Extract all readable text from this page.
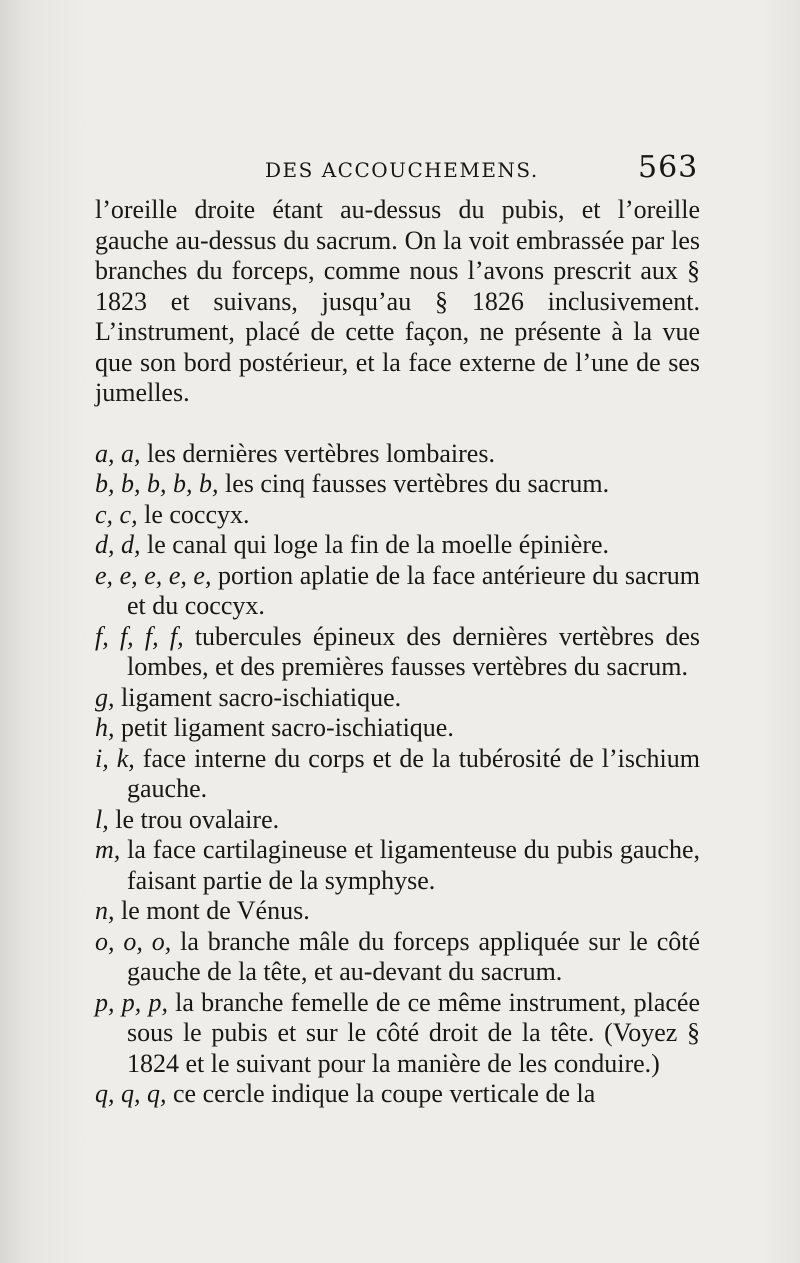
DES ACCOUCHEMENS.	563

l’oreille droite étant au-dessus du pubis, et l’oreille gauche au-dessus du sacrum. On la voit embrassée par les branches du forceps, comme nous l’avons prescrit aux § 1823 et suivans, jusqu’au § 1826 inclusivement. L’instrument, placé de cette façon, ne présente à la vue que son bord postérieur, et la face externe de l’une de ses jumelles.

a, a, les dernières vertèbres lombaires.
b, b, b, b, b, les cinq fausses vertèbres du sacrum.
c, c, le coccyx.
d, d, le canal qui loge la fin de la moelle épinière.
e, e, e, e, e, portion aplatie de la face antérieure du sacrum et du coccyx.
f, f, f, f, tubercules épineux des dernières vertèbres des lombes, et des premières fausses vertèbres du sacrum.
g, ligament sacro-ischiatique.
h, petit ligament sacro-ischiatique.
i, k, face interne du corps et de la tubérosité de l’ischium gauche.
l, le trou ovalaire.
m, la face cartilagineuse et ligamenteuse du pubis gauche, faisant partie de la symphyse.
n, le mont de Vénus.
o, o, o, la branche mâle du forceps appliquée sur le côté gauche de la tête, et au-devant du sacrum.
p, p, p, la branche femelle de ce même instrument, placée sous le pubis et sur le côté droit de la tête. (Voyez § 1824 et le suivant pour la manière de les conduire.)
q, q, q, ce cercle indique la coupe verticale de la
